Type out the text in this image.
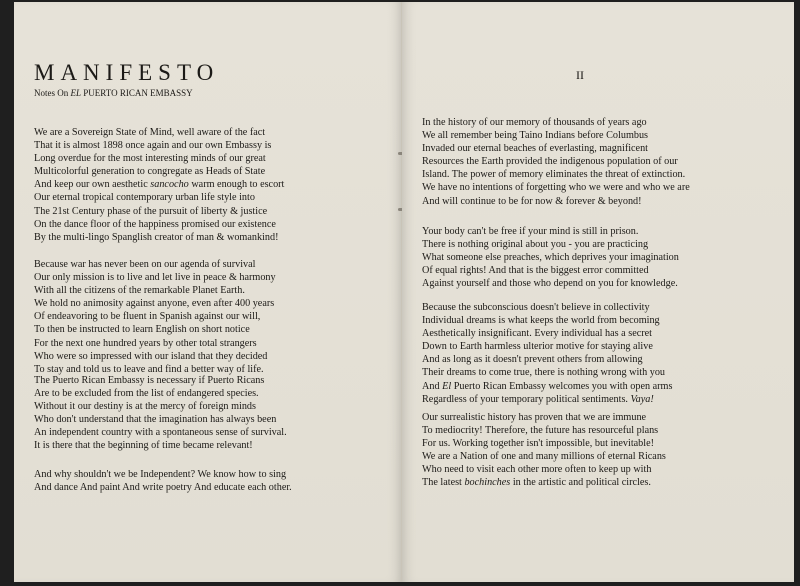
MANIFESTO

Notes On EL PUERTO RICAN EMBASSY

We are a Sovereign State of Mind, well aware of the fact
That it is almost 1898 once again and our own Embassy is
Long overdue for the most interesting minds of our great
Multicolorful generation to congregate as Heads of State
And keep our own aesthetic sancocho warm enough to escort
Our eternal tropical contemporary urban life style into
The 21st Century phase of the pursuit of liberty & justice
On the dance floor of the happiness promised our existence
By the multi-lingo Spanglish creator of man & womankind!

Because war has never been on our agenda of survival
Our only mission is to live and let live in peace & harmony
With all the citizens of the remarkable Planet Earth.
We hold no animosity against anyone, even after 400 years
Of endeavoring to be fluent in Spanish against our will,
To then be instructed to learn English on short notice
For the next one hundred years by other total strangers
Who were so impressed with our island that they decided
To stay and told us to leave and find a better way of life.

The Puerto Rican Embassy is necessary if Puerto Ricans
Are to be excluded from the list of endangered species.
Without it our destiny is at the mercy of foreign minds
Who don't understand that the imagination has always been
An independent country with a spontaneous sense of survival.
It is there that the beginning of time became relevant!

And why shouldn't we be Independent? We know how to sing
And dance And paint And write poetry And educate each other.

II

In the history of our memory of thousands of years ago
We all remember being Taino Indians before Columbus
Invaded our eternal beaches of everlasting, magnificent
Resources the Earth provided the indigenous population of our
Island. The power of memory eliminates the threat of extinction.
We have no intentions of forgetting who we were and who we are
And will continue to be for now & forever & beyond!

Your body can't be free if your mind is still in prison.
There is nothing original about you - you are practicing
What someone else preaches, which deprives your imagination
Of equal rights! And that is the biggest error committed
Against yourself and those who depend on you for knowledge.

Because the subconscious doesn't believe in collectivity
Individual dreams is what keeps the world from becoming
Aesthetically insignificant. Every individual has a secret
Down to Earth harmless ulterior motive for staying alive
And as long as it doesn't prevent others from allowing
Their dreams to come true, there is nothing wrong with you
And El Puerto Rican Embassy welcomes you with open arms
Regardless of your temporary political sentiments. Vaya!

Our surrealistic history has proven that we are immune
To mediocrity! Therefore, the future has resourceful plans
For us. Working together isn't impossible, but inevitable!
We are a Nation of one and many millions of eternal Ricans
Who need to visit each other more often to keep up with
The latest bochinches in the artistic and political circles.
